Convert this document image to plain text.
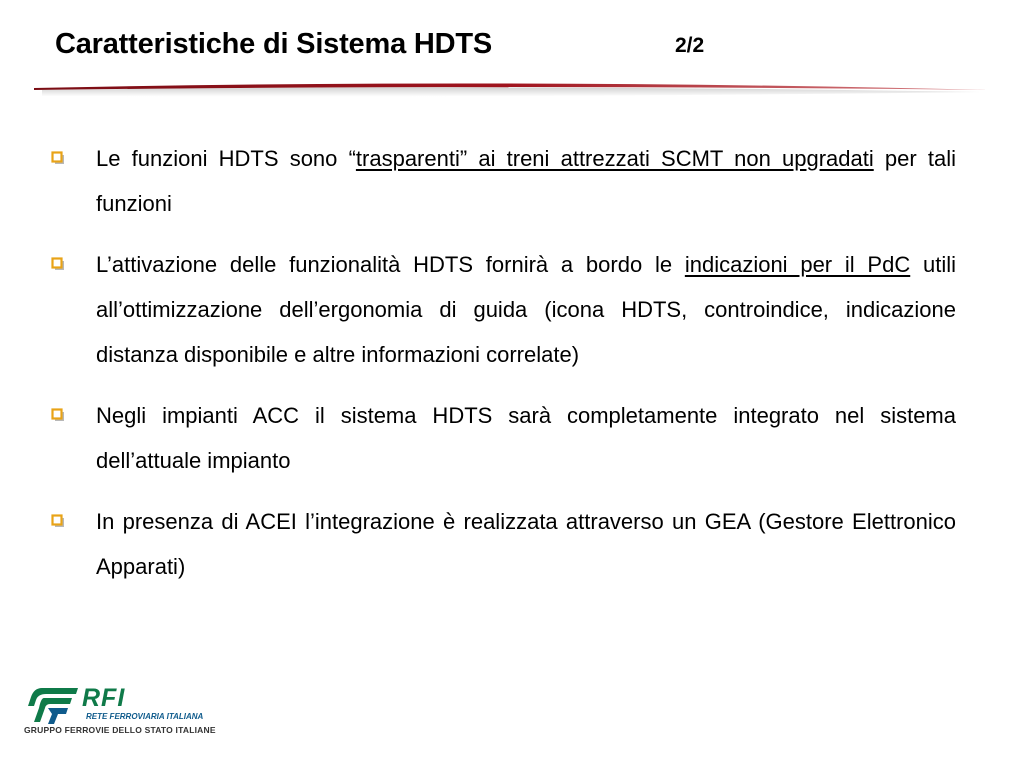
Caratteristiche di Sistema HDTS	2/2
Le funzioni HDTS sono “trasparenti” ai treni attrezzati SCMT non upgradati per tali funzioni
L’attivazione delle funzionalità HDTS fornirà a bordo le indicazioni per il PdC utili all’ottimizzazione dell’ergonomia di guida (icona HDTS, controindice, indicazione distanza disponibile e altre informazioni correlate)
Negli impianti ACC il sistema HDTS sarà completamente integrato nel sistema dell’attuale impianto
In presenza di ACEI l’integrazione è realizzata attraverso un GEA (Gestore Elettronico Apparati)
RFI
RETE FERROVIARIA ITALIANA
GRUPPO FERROVIE DELLO STATO ITALIANE
